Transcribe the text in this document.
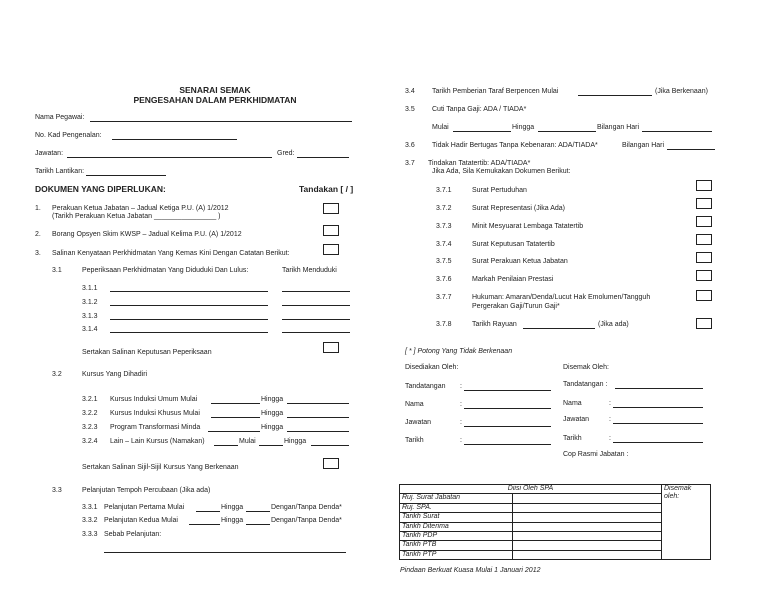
SENARAI SEMAK
PENGESAHAN DALAM PERKHIDMATAN
Nama Pegawai:
No. Kad Pengenalan:
Jawatan:	Gred:
Tarikh Lantikan:
DOKUMEN YANG DIPERLUKAN:	Tandakan [ / ]
1. Perakuan Ketua Jabatan – Jadual Ketiga P.U. (A) 1/2012
(Tarikh Perakuan Ketua Jabatan ________________ )
2. Borang Opsyen Skim KWSP – Jadual Kelima P.U. (A) 1/2012
3. Salinan Kenyataan Perkhidmatan Yang Kemas Kini Dengan Catatan Berikut:
3.1	Peperiksaan Perkhidmatan Yang Diduduki Dan Lulus:	Tarikh Menduduki
3.1.1
3.1.2
3.1.3
3.1.4
Sertakan Salinan Keputusan Peperiksaan
3.2	Kursus Yang Dihadiri
3.2.1 Kursus Induksi Umum Mulai	Hingga
3.2.2 Kursus Induksi Khusus Mulai	Hingga
3.2.3 Program Transformasi Minda	Hingga
3.2.4 Lain – Lain Kursus (Namakan)	Mulai	Hingga
Sertakan Salinan Sijil-Sijil Kursus Yang Berkenaan
3.3	Pelanjutan Tempoh Percubaan (Jika ada)
3.3.1 Pelanjutan Pertama Mulai	Hingga	Dengan/Tanpa Denda*
3.3.2 Pelanjutan Kedua Mulai	Hingga	Dengan/Tanpa Denda*
3.3.3 Sebab Pelanjutan:
3.4 Tarikh Pemberian Taraf Berpencen Mulai	(Jika Berkenaan)
3.5 Cuti Tanpa Gaji: ADA / TIADA*
Mulai	Hingga	Bilangan Hari
3.6 Tidak Hadir Bertugas Tanpa Kebenaran: ADA/TIADA*	Bilangan Hari
3.7 Tindakan Tatatertib: ADA/TIADA*
Jika Ada, Sila Kemukakan Dokumen Berikut:
3.7.1	Surat Pertuduhan
3.7.2	Surat Representasi (Jika Ada)
3.7.3	Minit Mesyuarat Lembaga Tatatertib
3.7.4	Surat Keputusan Tatatertib
3.7.5	Surat Perakuan Ketua Jabatan
3.7.6	Markah Penilaian Prestasi
3.7.7	Hukuman: Amaran/Denda/Lucut Hak Emolumen/Tangguh
Pergerakan Gaji/Turun Gaji*
3.7.8	Tarikh Rayuan	(Jika ada)
[ * ] Potong Yang Tidak Berkenaan
Disediakan Oleh:
Tandatangan :
Nama	:
Jawatan	:
Tarikh	:
Disemak Oleh:
Tandatangan :
Nama	:
Jawatan	:
Tarikh	:
Cop Rasmi Jabatan :
Diisi Oleh SPA		Disemak oleh:
Ruj. Surat Jabatan		
Ruj. SPA.		
Tarikh Surat		
Tarikh Diterima		
Tarikh PDP		
Tarikh PTB		
Tarikh PTP		
Pindaan Berkuat Kuasa Mulai 1 Januari 2012
